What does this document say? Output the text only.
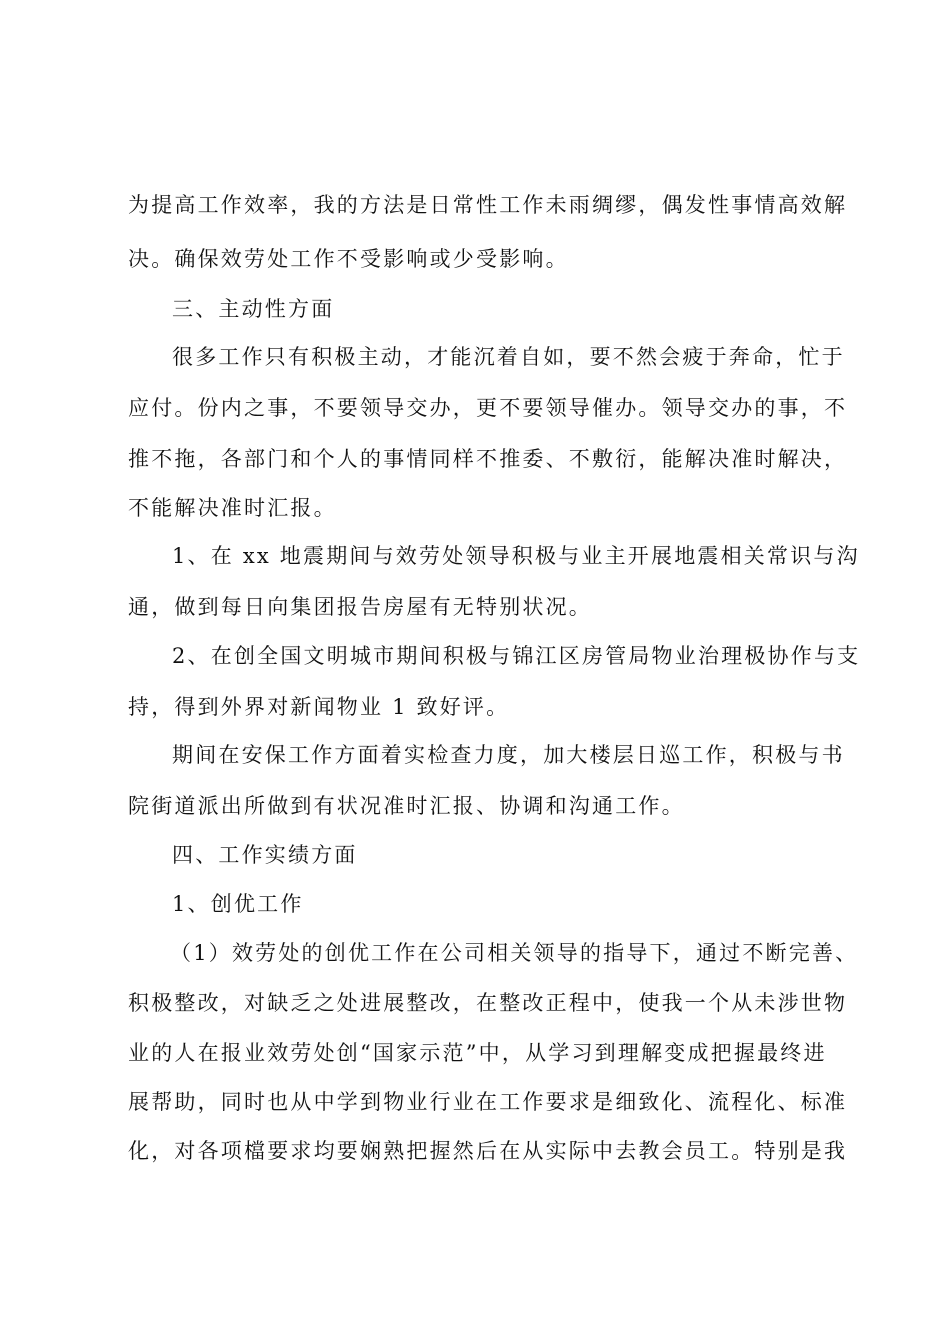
为提高工作效率，我的方法是日常性工作未雨绸缪，偶发性事情高效解
决。确保效劳处工作不受影响或少受影响。
三、主动性方面
很多工作只有积极主动，才能沉着自如，要不然会疲于奔命，忙于
应付。份内之事，不要领导交办，更不要领导催办。领导交办的事，不
推不拖，各部门和个人的事情同样不推委、不敷衍，能解决准时解决，
不能解决准时汇报。
1、在 xx 地震期间与效劳处领导积极与业主开展地震相关常识与沟
通，做到每日向集团报告房屋有无特别状况。
2、在创全国文明城市期间积极与锦江区房管局物业治理极协作与支
持，得到外界对新闻物业 1 致好评。
期间在安保工作方面着实检查力度，加大楼层日巡工作，积极与书
院街道派出所做到有状况准时汇报、协调和沟通工作。
四、工作实绩方面
1、创优工作
（1）效劳处的创优工作在公司相关领导的指导下，通过不断完善、
积极整改，对缺乏之处进展整改，在整改正程中，使我一个从未涉世物
业的人在报业效劳处创“国家示范”中，从学习到理解变成把握最终进
展帮助，同时也从中学到物业行业在工作要求是细致化、流程化、标准
化，对各项檔要求均要娴熟把握然后在从实际中去教会员工。特别是我
